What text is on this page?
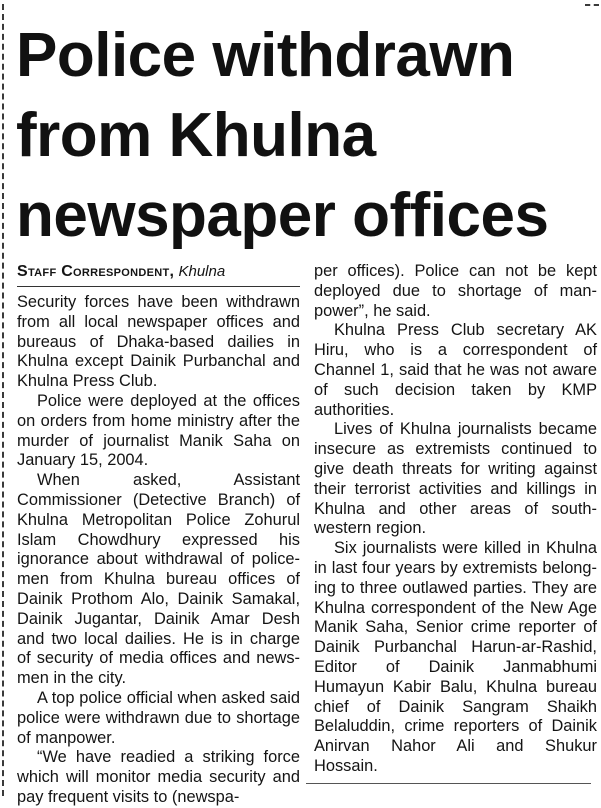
Police withdrawn
from Khulna
newspaper offices
Staff Correspondent, Khulna

Security forces have been withdrawn from all local newspaper offices and bureaus of Dhaka-based dailies in Khulna except Dainik Purbanchal and Khulna Press Club.

Police were deployed at the offices on orders from home ministry after the murder of journalist Manik Saha on January 15, 2004.

When asked, Assistant Commissioner (Detective Branch) of Khulna Metropolitan Police Zohurul Islam Chowdhury expressed his ignorance about withdrawal of police-men from Khulna bureau offices of Dainik Prothom Alo, Dainik Samakal, Dainik Jugantar, Dainik Amar Desh and two local dailies. He is in charge of security of media offices and news-men in the city.

A top police official when asked said police were withdrawn due to shortage of manpower.

“We have readied a striking force which will monitor media security and pay frequent visits to (newspa-

per offices). Police can not be kept deployed due to shortage of man-power”, he said.

Khulna Press Club secretary AK Hiru, who is a correspondent of Channel 1, said that he was not aware of such decision taken by KMP authorities.

Lives of Khulna journalists became insecure as extremists continued to give death threats for writing against their terrorist activities and killings in Khulna and other areas of south-western region.

Six journalists were killed in Khulna in last four years by extremists belong-ing to three outlawed parties. They are Khulna correspondent of the New Age Manik Saha, Senior crime reporter of Dainik Purbanchal Harun-ar-Rashid, Editor of Dainik Janmabhumi Humayun Kabir Balu, Khulna bureau chief of Dainik Sangram Shaikh Belaluddin, crime reporters of Dainik Anirvan Nahor Ali and Shukur Hossain.
